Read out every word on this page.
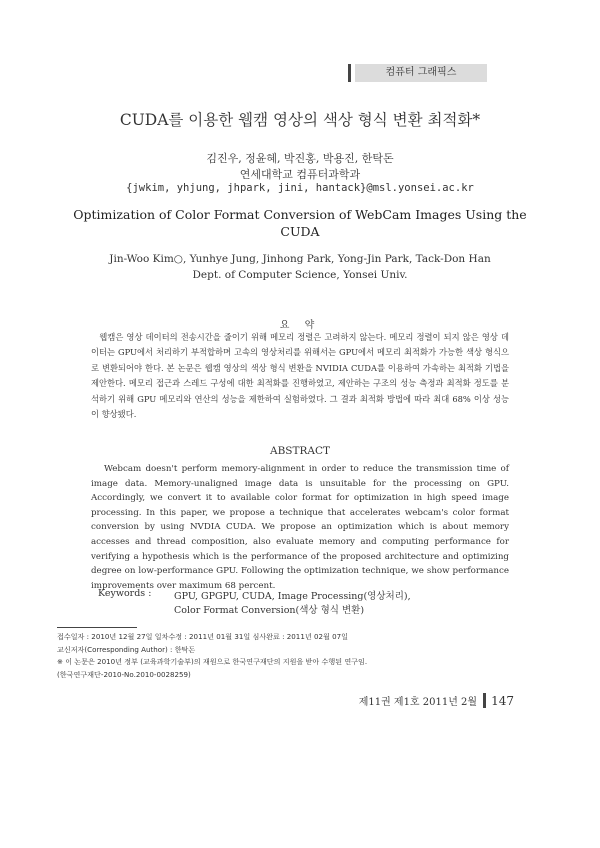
컴퓨터 그래픽스
CUDA를 이용한 웹캠 영상의 색상 형식 변환 최적화*
김진우, 정윤혜, 박진홍, 박용진, 한탁돈
연세대학교 컴퓨터과학과
{jwkim, yhjung, jhpark, jini, hantack}@msl.yonsei.ac.kr
Optimization of Color Format Conversion of WebCam Images Using the CUDA
Jin-Woo Kim○, Yunhye Jung, Jinhong Park, Yong-Jin Park, Tack-Don Han
Dept. of Computer Science, Yonsei Univ.
요 약
웹캠은 영상 데이터의 전송시간을 줄이기 위해 메모리 정렬은 고려하지 않는다. 메모리 정렬이 되지 않은 영상 데이터는 GPU에서 처리하기 부적합하며 고속의 영상처리를 위해서는 GPU에서 메모리 최적화가 가능한 색상 형식으로 변환되어야 한다. 본 논문은 웹캠 영상의 색상 형식 변환을 NVIDIA CUDA를 이용하여 가속하는 최적화 기법을 제안한다. 메모리 접근과 스레드 구성에 대한 최적화를 진행하였고, 제안하는 구조의 성능 측정과 최적화 정도를 분석하기 위해 GPU 메모리와 연산의 성능을 제한하여 실험하였다. 그 결과 최적화 방법에 따라 최대 68% 이상 성능이 향상됐다.
ABSTRACT
Webcam doesn't perform memory-alignment in order to reduce the transmission time of image data. Memory-unaligned image data is unsuitable for the processing on GPU. Accordingly, we convert it to available color format for optimization in high speed image processing. In this paper, we propose a technique that accelerates webcam's color format conversion by using NVDIA CUDA. We propose an optimization which is about memory accesses and thread composition, also evaluate memory and computing performance for verifying a hypothesis which is the performance of the proposed architecture and optimizing degree on low-performance GPU. Following the optimization technique, we show performance improvements over maximum 68 percent.
Keywords : GPU, GPGPU, CUDA, Image Processing(영상처리),
Color Format Conversion(색상 형식 변환)
접수일자 : 2010년 12월 27일 일차수정 : 2011년 01월 31일 심사완료 : 2011년 02월 07일
교신저자(Corresponding Author) : 한탁돈
※ 이 논문은 2010년 정부 (교육과학기술부)의 재원으로 한국연구재단의 지원을 받아 수행된 연구임.
(한국연구재단-2010-No.2010-0028259)
제11권 제1호 2011년 2월 147
